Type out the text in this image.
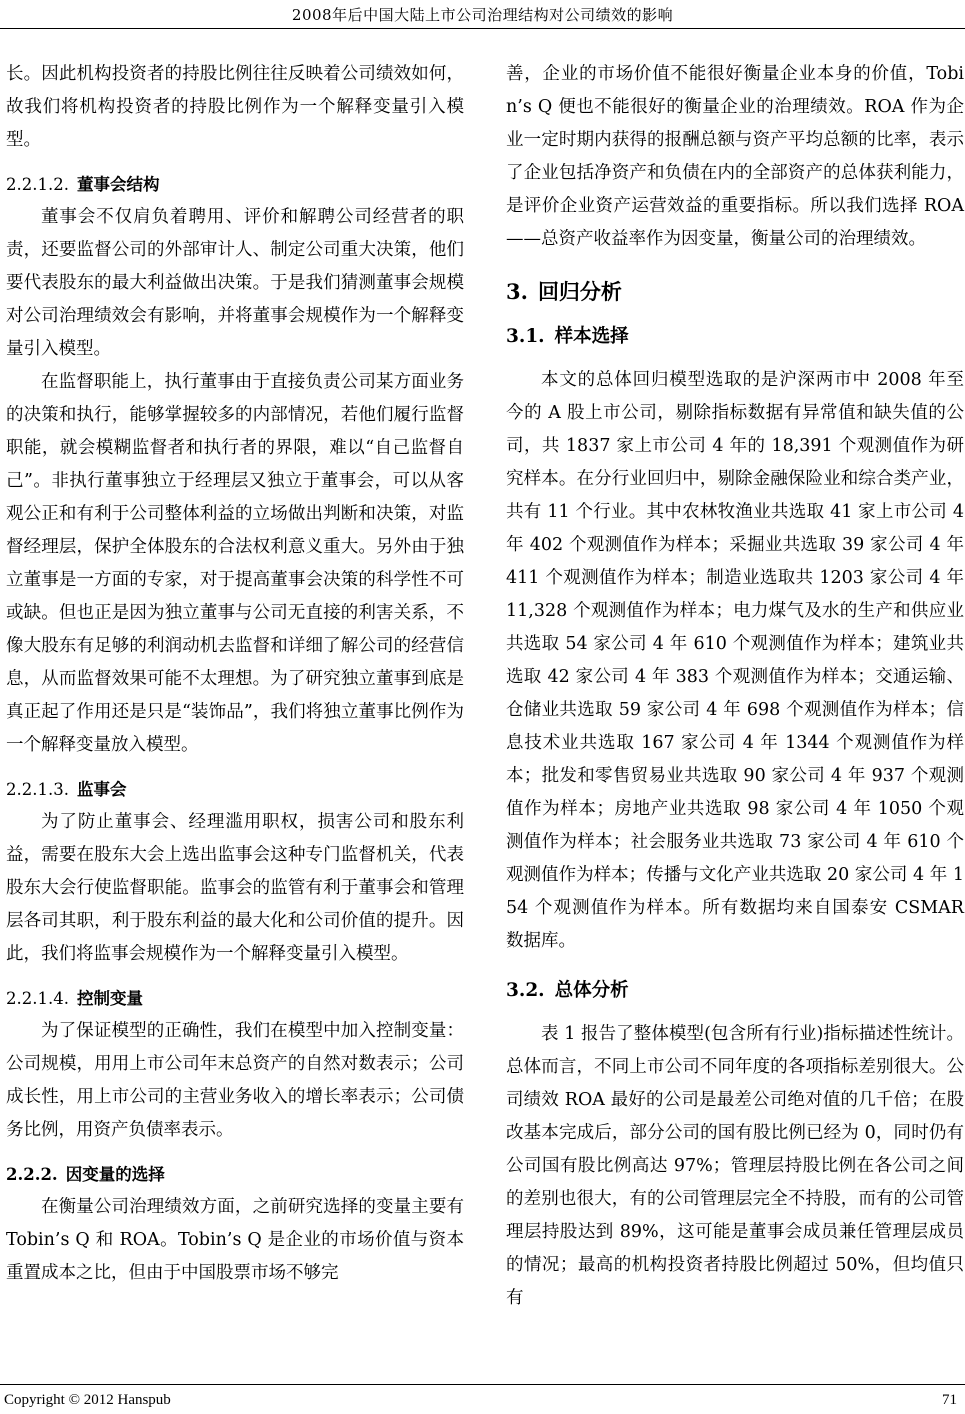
2008年后中国大陆上市公司治理结构对公司绩效的影响

长。因此机构投资者的持股比例往往反映着公司绩效如何，故我们将机构投资者的持股比例作为一个解释变量引入模型。

2.2.1.2. 董事会结构

董事会不仅肩负着聘用、评价和解聘公司经营者的职责，还要监督公司的外部审计人、制定公司重大决策，他们要代表股东的最大利益做出决策。于是我们猜测董事会规模对公司治理绩效会有影响，并将董事会规模作为一个解释变量引入模型。

在监督职能上，执行董事由于直接负责公司某方面业务的决策和执行，能够掌握较多的内部情况，若他们履行监督职能，就会模糊监督者和执行者的界限，难以“自己监督自己”。非执行董事独立于经理层又独立于董事会，可以从客观公正和有利于公司整体利益的立场做出判断和决策，对监督经理层，保护全体股东的合法权利意义重大。另外由于独立董事是一方面的专家，对于提高董事会决策的科学性不可或缺。但也正是因为独立董事与公司无直接的利害关系，不像大股东有足够的利润动机去监督和详细了解公司的经营信息，从而监督效果可能不太理想。为了研究独立董事到底是真正起了作用还是只是“装饰品”，我们将独立董事比例作为一个解释变量放入模型。

2.2.1.3. 监事会

为了防止董事会、经理滥用职权，损害公司和股东利益，需要在股东大会上选出监事会这种专门监督机关，代表股东大会行使监督职能。监事会的监管有利于董事会和管理层各司其职，利于股东利益的最大化和公司价值的提升。因此，我们将监事会规模作为一个解释变量引入模型。

2.2.1.4. 控制变量

为了保证模型的正确性，我们在模型中加入控制变量：公司规模，用用上市公司年末总资产的自然对数表示；公司成长性，用上市公司的主营业务收入的增长率表示；公司债务比例，用资产负债率表示。

2.2.2. 因变量的选择

在衡量公司治理绩效方面，之前研究选择的变量主要有 Tobin’s Q 和 ROA。Tobin’s Q 是企业的市场价值与资本重置成本之比，但由于中国股票市场不够完

善，企业的市场价值不能很好衡量企业本身的价值，Tobin’s Q 便也不能很好的衡量企业的治理绩效。ROA 作为企业一定时期内获得的报酬总额与资产平均总额的比率，表示了企业包括净资产和负债在内的全部资产的总体获利能力，是评价企业资产运营效益的重要指标。所以我们选择 ROA——总资产收益率作为因变量，衡量公司的治理绩效。

3. 回归分析
3.1. 样本选择

本文的总体回归模型选取的是沪深两市中 2008 年至今的 A 股上市公司，剔除指标数据有异常值和缺失值的公司，共 1837 家上市公司 4 年的 18,391 个观测值作为研究样本。在分行业回归中，剔除金融保险业和综合类产业，共有 11 个行业。其中农林牧渔业共选取 41 家上市公司 4 年 402 个观测值作为样本；采掘业共选取 39 家公司 4 年 411 个观测值作为样本；制造业选取共 1203 家公司 4 年 11,328 个观测值作为样本；电力煤气及水的生产和供应业共选取 54 家公司 4 年 610 个观测值作为样本；建筑业共选取 42 家公司 4 年 383 个观测值作为样本；交通运输、仓储业共选取 59 家公司 4 年 698 个观测值作为样本；信息技术业共选取 167 家公司 4 年 1344 个观测值作为样本；批发和零售贸易业共选取 90 家公司 4 年 937 个观测值作为样本；房地产业共选取 98 家公司 4 年 1050 个观测值作为样本；社会服务业共选取 73 家公司 4 年 610 个观测值作为样本；传播与文化产业共选取 20 家公司 4 年 154 个观测值作为样本。所有数据均来自国泰安 CSMAR 数据库。

3.2. 总体分析

表 1 报告了整体模型(包含所有行业)指标描述性统计。总体而言，不同上市公司不同年度的各项指标差别很大。公司绩效 ROA 最好的公司是最差公司绝对值的几千倍；在股改基本完成后，部分公司的国有股比例已经为 0，同时仍有公司国有股比例高达 97%；管理层持股比例在各公司之间的差别也很大，有的公司管理层完全不持股，而有的公司管理层持股达到 89%，这可能是董事会成员兼任管理层成员的情况；最高的机构投资者持股比例超过 50%，但均值只有

Copyright © 2012 Hanspub	71
